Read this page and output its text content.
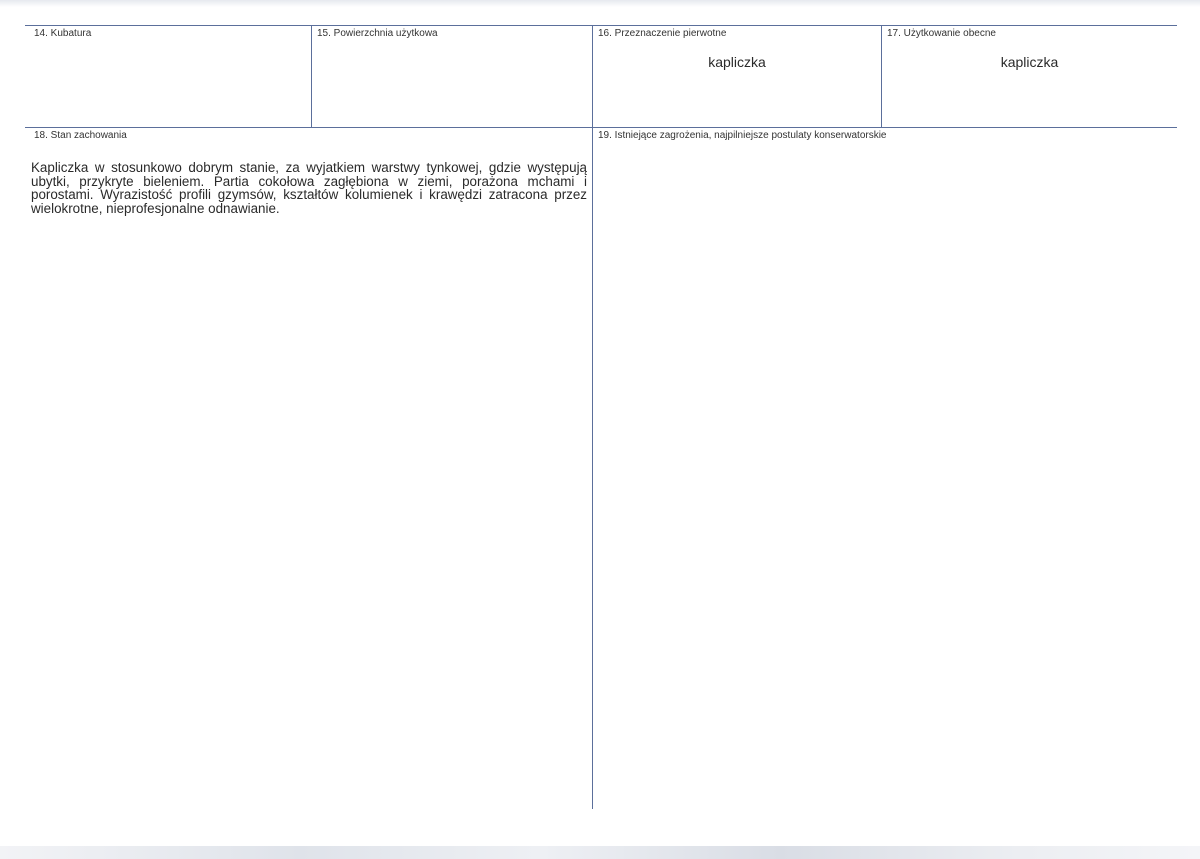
14. Kubatura	15. Powierzchnia użytkowa	16. Przeznaczenie pierwotne
kapliczka
17. Użytkowanie obecne
kapliczka
18. Stan zachowania
Kapliczka w stosunkowo dobrym stanie, za wyjatkiem warstwy tynkowej, gdzie występują ubytki, przykryte bieleniem. Partia cokołowa zagłębiona w ziemi, porażona mchami i porostami. Wyrazistość profili gzymsów, kształtów kolumienek i krawędzi zatracona przez wielokrotne, nieprofesjonalne odnawianie.
19. Istniejące zagrożenia, najpilniejsze postulaty konserwatorskie
